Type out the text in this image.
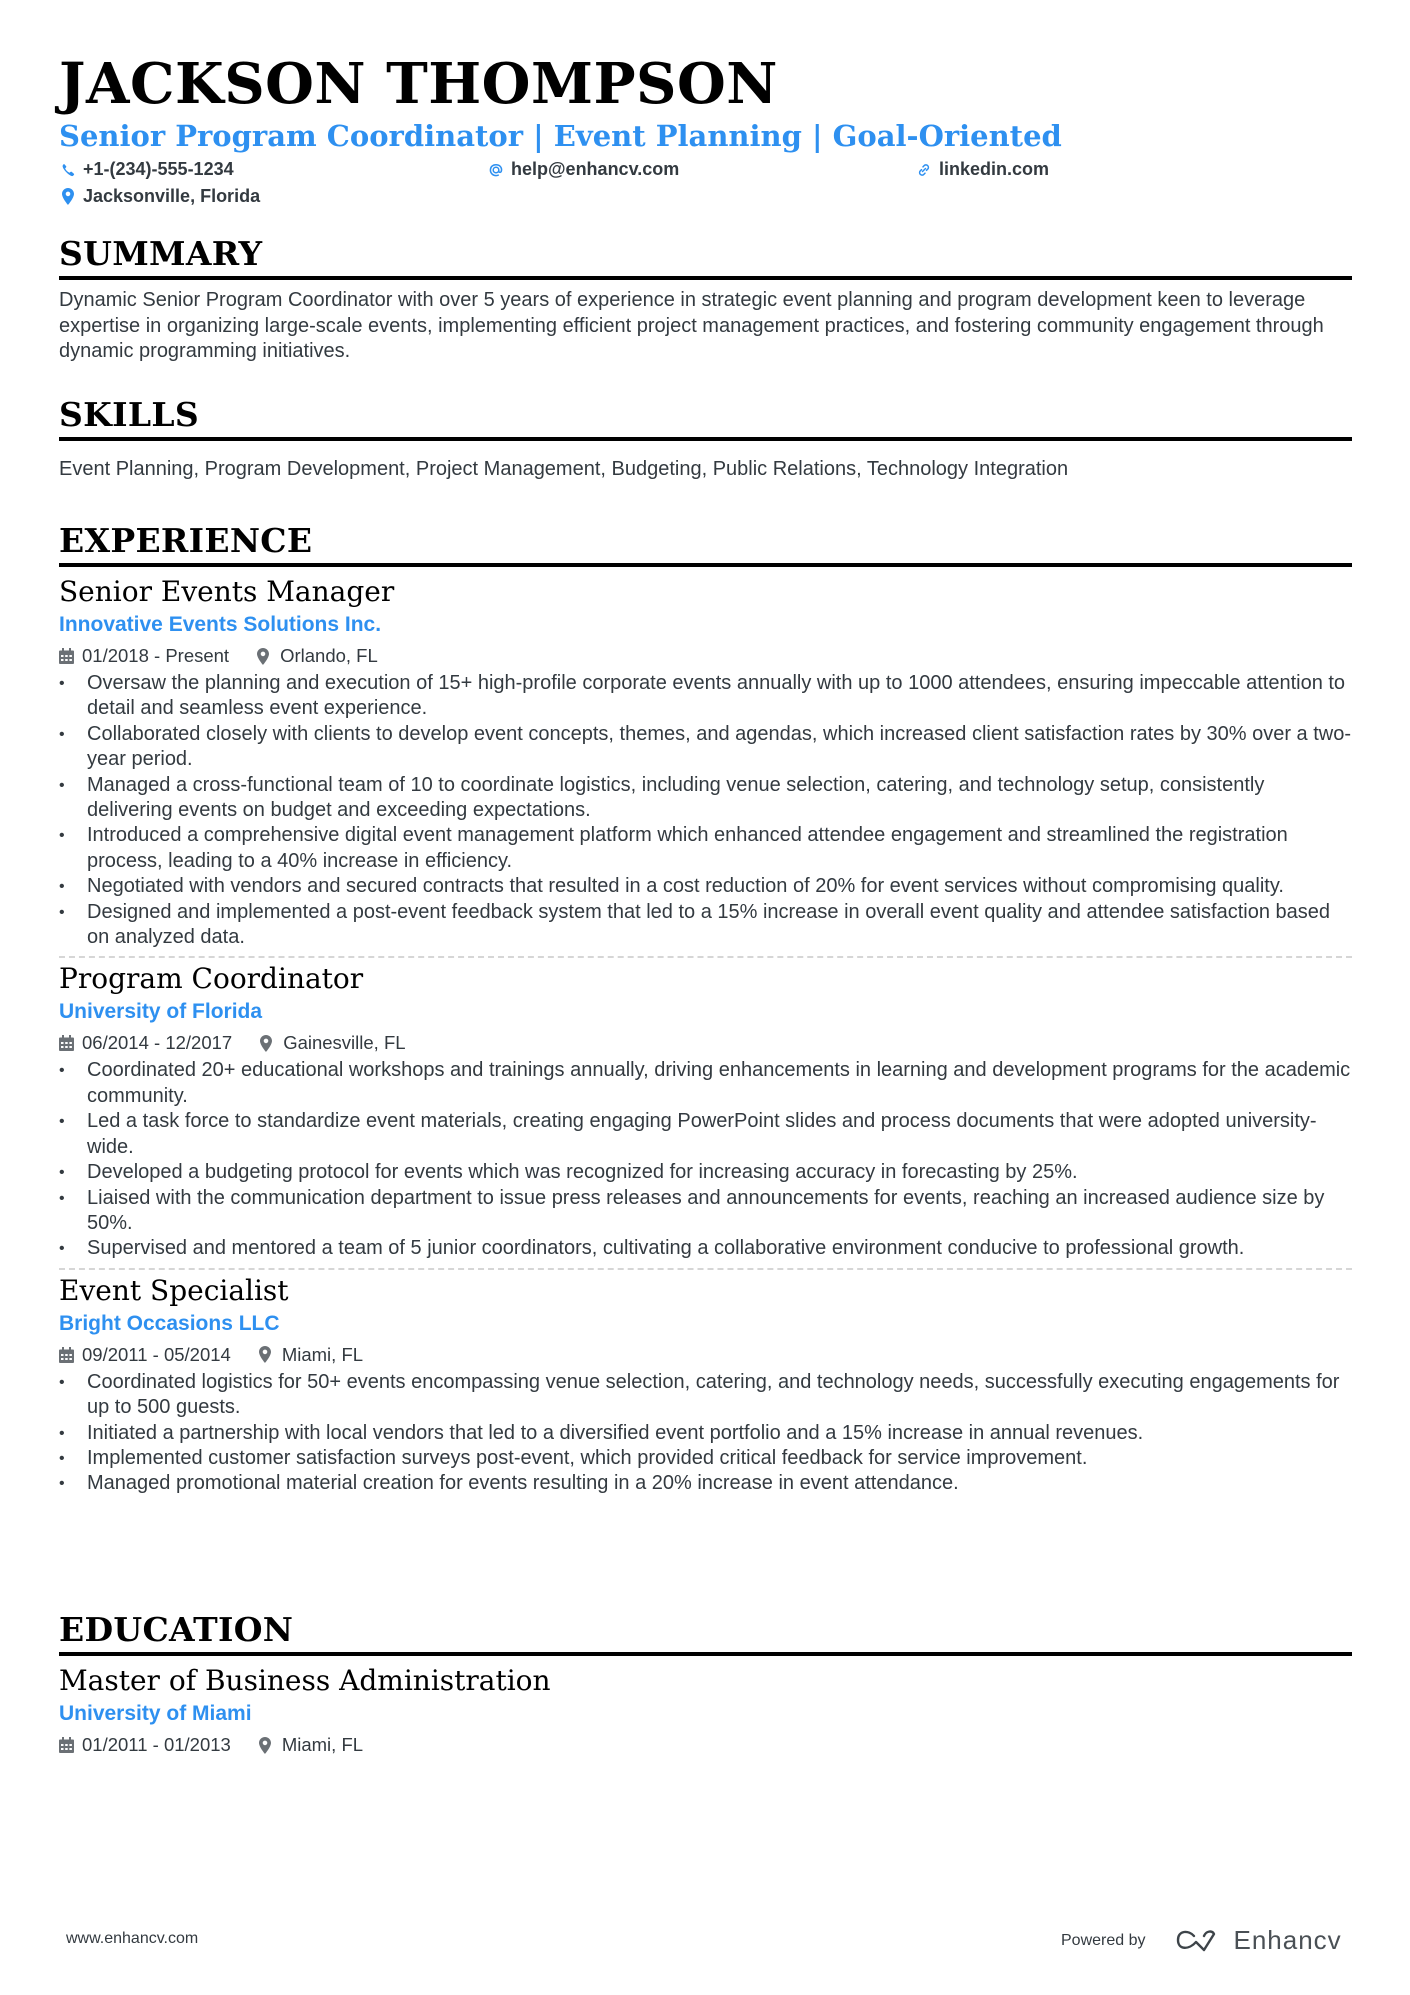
JACKSON THOMPSON
Senior Program Coordinator | Event Planning | Goal-Oriented
+1-(234)-555-1234	help@enhancv.com	linkedin.com
Jacksonville, Florida
SUMMARY
Dynamic Senior Program Coordinator with over 5 years of experience in strategic event planning and program development keen to leverage expertise in organizing large-scale events, implementing efficient project management practices, and fostering community engagement through dynamic programming initiatives.
SKILLS
Event Planning, Program Development, Project Management, Budgeting, Public Relations, Technology Integration
EXPERIENCE
Senior Events Manager
Innovative Events Solutions Inc.
01/2018 - Present	Orlando, FL
• Oversaw the planning and execution of 15+ high-profile corporate events annually with up to 1000 attendees, ensuring impeccable attention to detail and seamless event experience.
• Collaborated closely with clients to develop event concepts, themes, and agendas, which increased client satisfaction rates by 30% over a two-year period.
• Managed a cross-functional team of 10 to coordinate logistics, including venue selection, catering, and technology setup, consistently delivering events on budget and exceeding expectations.
• Introduced a comprehensive digital event management platform which enhanced attendee engagement and streamlined the registration process, leading to a 40% increase in efficiency.
• Negotiated with vendors and secured contracts that resulted in a cost reduction of 20% for event services without compromising quality.
• Designed and implemented a post-event feedback system that led to a 15% increase in overall event quality and attendee satisfaction based on analyzed data.
Program Coordinator
University of Florida
06/2014 - 12/2017	Gainesville, FL
• Coordinated 20+ educational workshops and trainings annually, driving enhancements in learning and development programs for the academic community.
• Led a task force to standardize event materials, creating engaging PowerPoint slides and process documents that were adopted university-wide.
• Developed a budgeting protocol for events which was recognized for increasing accuracy in forecasting by 25%.
• Liaised with the communication department to issue press releases and announcements for events, reaching an increased audience size by 50%.
• Supervised and mentored a team of 5 junior coordinators, cultivating a collaborative environment conducive to professional growth.
Event Specialist
Bright Occasions LLC
09/2011 - 05/2014	Miami, FL
• Coordinated logistics for 50+ events encompassing venue selection, catering, and technology needs, successfully executing engagements for up to 500 guests.
• Initiated a partnership with local vendors that led to a diversified event portfolio and a 15% increase in annual revenues.
• Implemented customer satisfaction surveys post-event, which provided critical feedback for service improvement.
• Managed promotional material creation for events resulting in a 20% increase in event attendance.
EDUCATION
Master of Business Administration
University of Miami
01/2011 - 01/2013	Miami, FL
www.enhancv.com	Powered by	Enhancv
